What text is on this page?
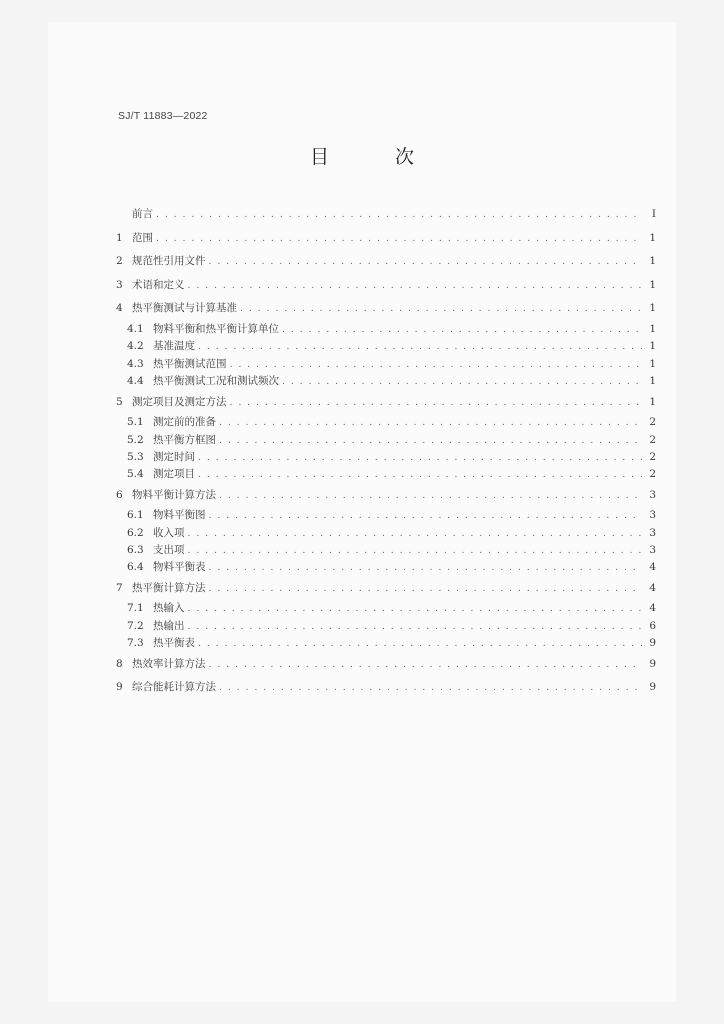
SJ/T 11883—2022
目 次
前言 . . .	I
1 范围 . . .	1
2 规范性引用文件 . . .	1
3 术语和定义 . . .	1
4 热平衡测试与计算基准 . . .	1
4.1 物料平衡和热平衡计算单位 . . .	1
4.2 基准温度 . . .	1
4.3 热平衡测试范围 . . .	1
4.4 热平衡测试工况和测试频次 . . .	1
5 测定项目及测定方法 . . .	1
5.1 测定前的准备 . . .	2
5.2 热平衡方框图 . . .	2
5.3 测定时间 . . .	2
5.4 测定项目 . . .	2
6 物料平衡计算方法 . . .	3
6.1 物料平衡图 . . .	3
6.2 收入项 . . .	3
6.3 支出项 . . .	3
6.4 物料平衡表 . . .	4
7 热平衡计算方法 . . .	4
7.1 热输入 . . .	4
7.2 热输出 . . .	6
7.3 热平衡表 . . .	9
8 热效率计算方法 . . .	9
9 综合能耗计算方法 . . .	9
